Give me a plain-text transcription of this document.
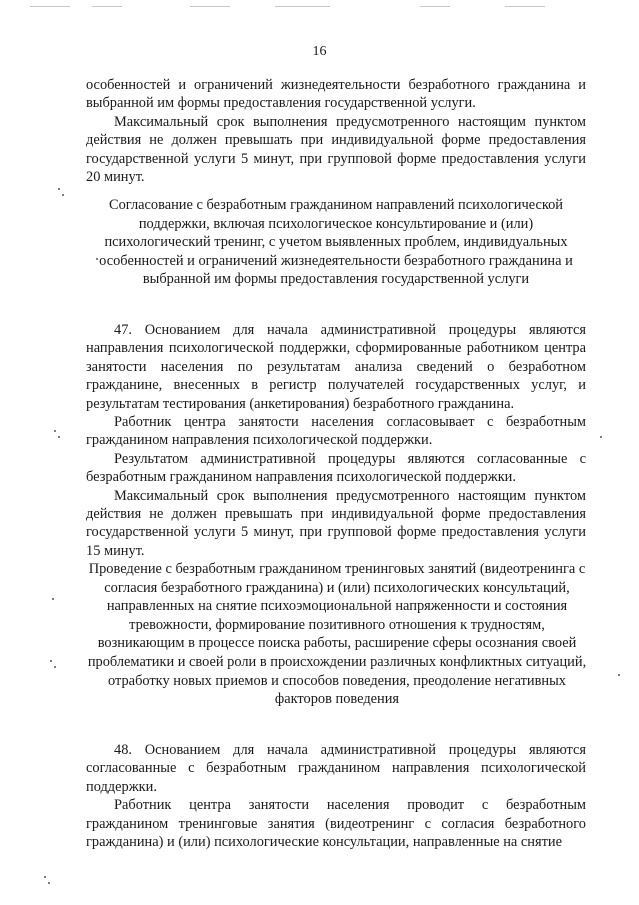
16

особенностей и ограничений жизнедеятельности безработного гражданина и выбранной им формы предоставления государственной услуги.

Максимальный срок выполнения предусмотренного настоящим пунктом действия не должен превышать при индивидуальной форме предоставления государственной услуги 5 минут, при групповой форме предоставления услуги 20 минут.

Согласование с безработным гражданином направлений психологической поддержки, включая психологическое консультирование и (или) психологический тренинг, с учетом выявленных проблем, индивидуальных особенностей и ограничений жизнедеятельности безработного гражданина и выбранной им формы предоставления государственной услуги

47. Основанием для начала административной процедуры являются направления психологической поддержки, сформированные работником центра занятости населения по результатам анализа сведений о безработном гражданине, внесенных в регистр получателей государственных услуг, и результатам тестирования (анкетирования) безработного гражданина.

Работник центра занятости населения согласовывает с безработным гражданином направления психологической поддержки.

Результатом административной процедуры являются согласованные с безработным гражданином направления психологической поддержки.

Максимальный срок выполнения предусмотренного настоящим пунктом действия не должен превышать при индивидуальной форме предоставления государственной услуги 5 минут, при групповой форме предоставления услуги 15 минут.

Проведение с безработным гражданином тренинговых занятий (видеотренинга с согласия безработного гражданина) и (или) психологических консультаций, направленных на снятие психоэмоциональной напряженности и состояния тревожности, формирование позитивного отношения к трудностям, возникающим в процессе поиска работы, расширение сферы осознания своей проблематики и своей роли в происхождении различных конфликтных ситуаций, отработку новых приемов и способов поведения, преодоление негативных факторов поведения

48. Основанием для начала административной процедуры являются согласованные с безработным гражданином направления психологической поддержки.

Работник центра занятости населения проводит с безработным гражданином тренинговые занятия (видеотренинг с согласия безработного гражданина) и (или) психологические консультации, направленные на снятие
